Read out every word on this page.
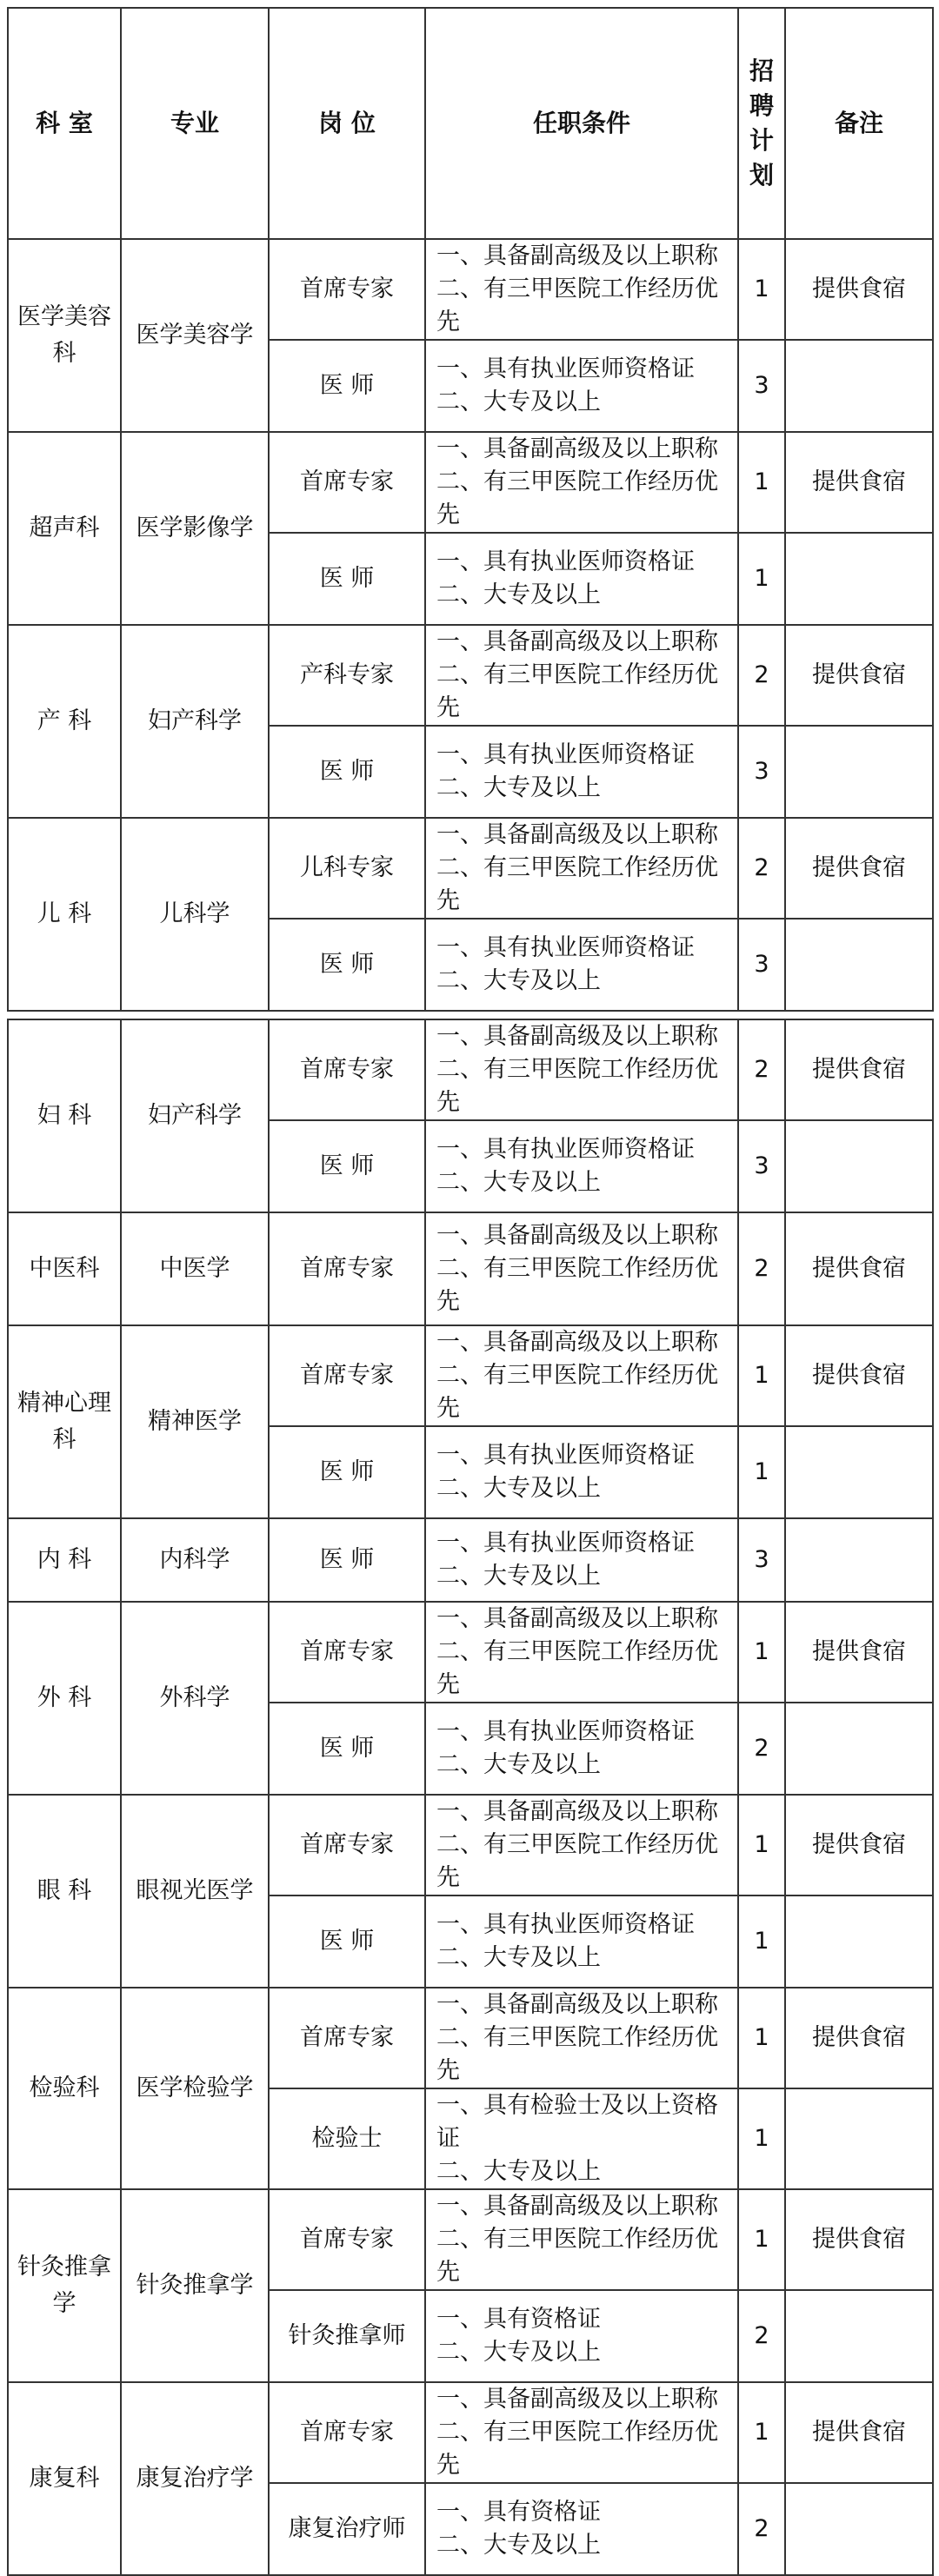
科 室	专业	岗 位	任职条件	招
聘
计
划	备注
医学美容科	医学美容学	首席专家	一、具备副高级及以上职称
二、有三甲医院工作经历优先	1	提供食宿
		医 师	一、具有执业医师资格证
二、大专及以上	3	
超声科	医学影像学	首席专家	一、具备副高级及以上职称
二、有三甲医院工作经历优先	1	提供食宿
		医 师	一、具有执业医师资格证
二、大专及以上	1	
产 科	妇产科学	产科专家	一、具备副高级及以上职称
二、有三甲医院工作经历优先	2	提供食宿
		医 师	一、具有执业医师资格证
二、大专及以上	3	
儿 科	儿科学	儿科专家	一、具备副高级及以上职称
二、有三甲医院工作经历优先	2	提供食宿
		医 师	一、具有执业医师资格证
二、大专及以上	3	

妇 科	妇产科学	首席专家	一、具备副高级及以上职称
二、有三甲医院工作经历优先	2	提供食宿
		医 师	一、具有执业医师资格证
二、大专及以上	3	
中医科	中医学	首席专家	一、具备副高级及以上职称
二、有三甲医院工作经历优先	2	提供食宿
精神心理科	精神医学	首席专家	一、具备副高级及以上职称
二、有三甲医院工作经历优先	1	提供食宿
		医 师	一、具有执业医师资格证
二、大专及以上	1	
内 科	内科学	医 师	一、具有执业医师资格证
二、大专及以上	3	
外 科	外科学	首席专家	一、具备副高级及以上职称
二、有三甲医院工作经历优先	1	提供食宿
		医 师	一、具有执业医师资格证
二、大专及以上	2	
眼 科	眼视光医学	首席专家	一、具备副高级及以上职称
二、有三甲医院工作经历优先	1	提供食宿
		医 师	一、具有执业医师资格证
二、大专及以上	1	
检验科	医学检验学	首席专家	一、具备副高级及以上职称
二、有三甲医院工作经历优先	1	提供食宿
		检验士	一、具有检验士及以上资格证
二、大专及以上	1	
针灸推拿学	针灸推拿学	首席专家	一、具备副高级及以上职称
二、有三甲医院工作经历优先	1	提供食宿
		针灸推拿师	一、具有资格证
二、大专及以上	2	
康复科	康复治疗学	首席专家	一、具备副高级及以上职称
二、有三甲医院工作经历优先	1	提供食宿
		康复治疗师	一、具有资格证
二、大专及以上	2	
